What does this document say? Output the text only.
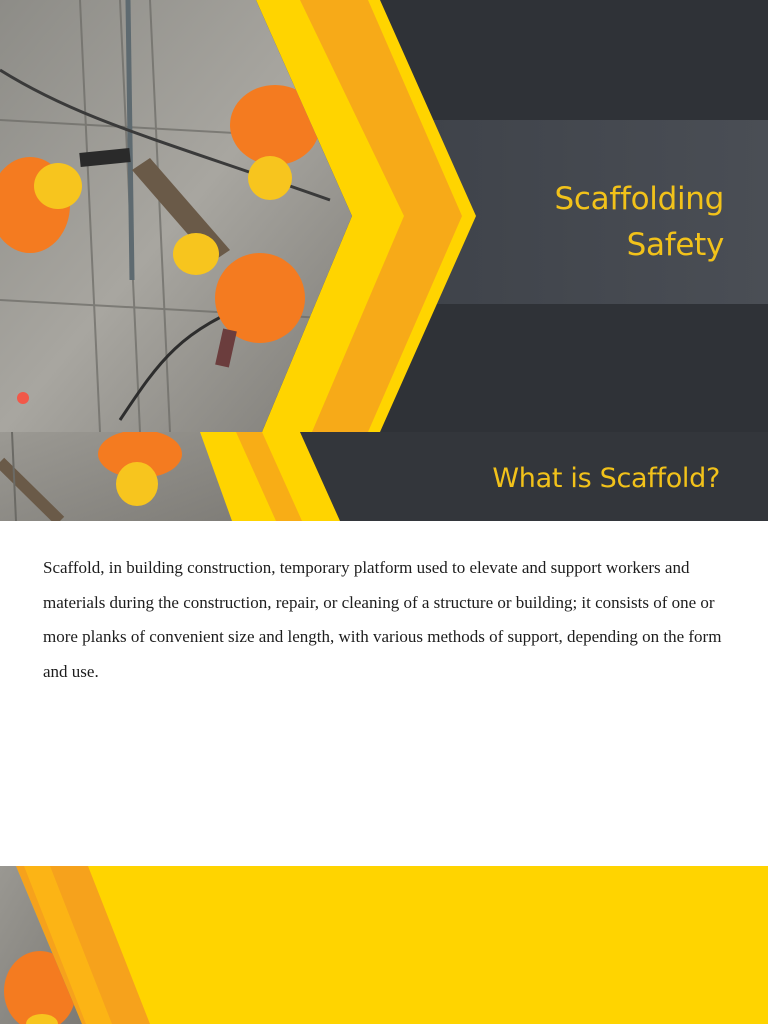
Scaffolding
Safety
What is Scaffold?

Scaffold, in building construction, temporary platform used to elevate and support workers and materials during the construction, repair, or cleaning of a structure or building; it consists of one or more planks of convenient size and length, with various methods of support, depending on the form and use.
